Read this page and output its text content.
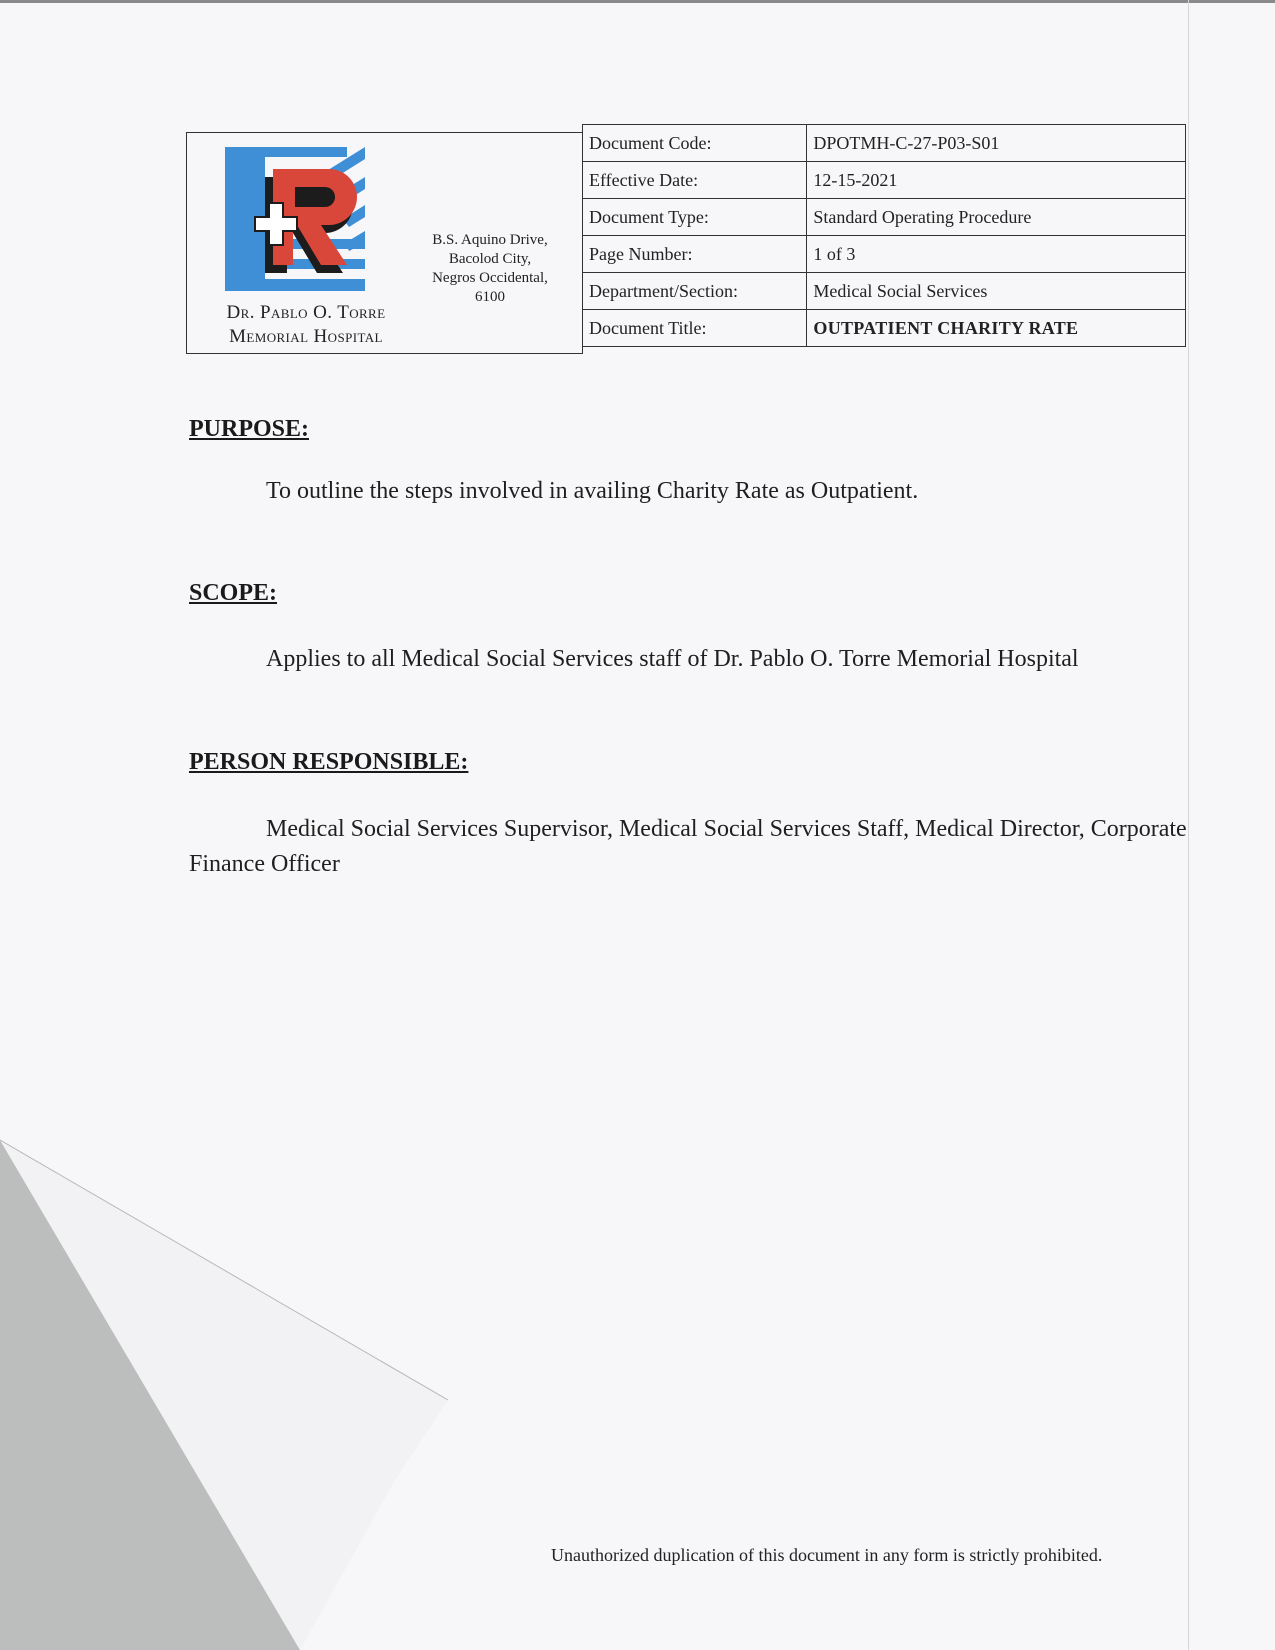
Dr. Pablo O. Torre
Memorial Hospital
B.S. Aquino Drive,
Bacolod City,
Negros Occidental,
6100
Document Code:	DPOTMH-C-27-P03-S01
Effective Date:	12-15-2021
Document Type:	Standard Operating Procedure
Page Number:	1 of 3
Department/Section:	Medical Social Services
Document Title:	OUTPATIENT CHARITY RATE
PURPOSE:
To outline the steps involved in availing Charity Rate as Outpatient.
SCOPE:
Applies to all Medical Social Services staff of Dr. Pablo O. Torre Memorial Hospital
PERSON RESPONSIBLE:
Medical Social Services Supervisor, Medical Social Services Staff, Medical Director, Corporate Finance Officer
Unauthorized duplication of this document in any form is strictly prohibited.
